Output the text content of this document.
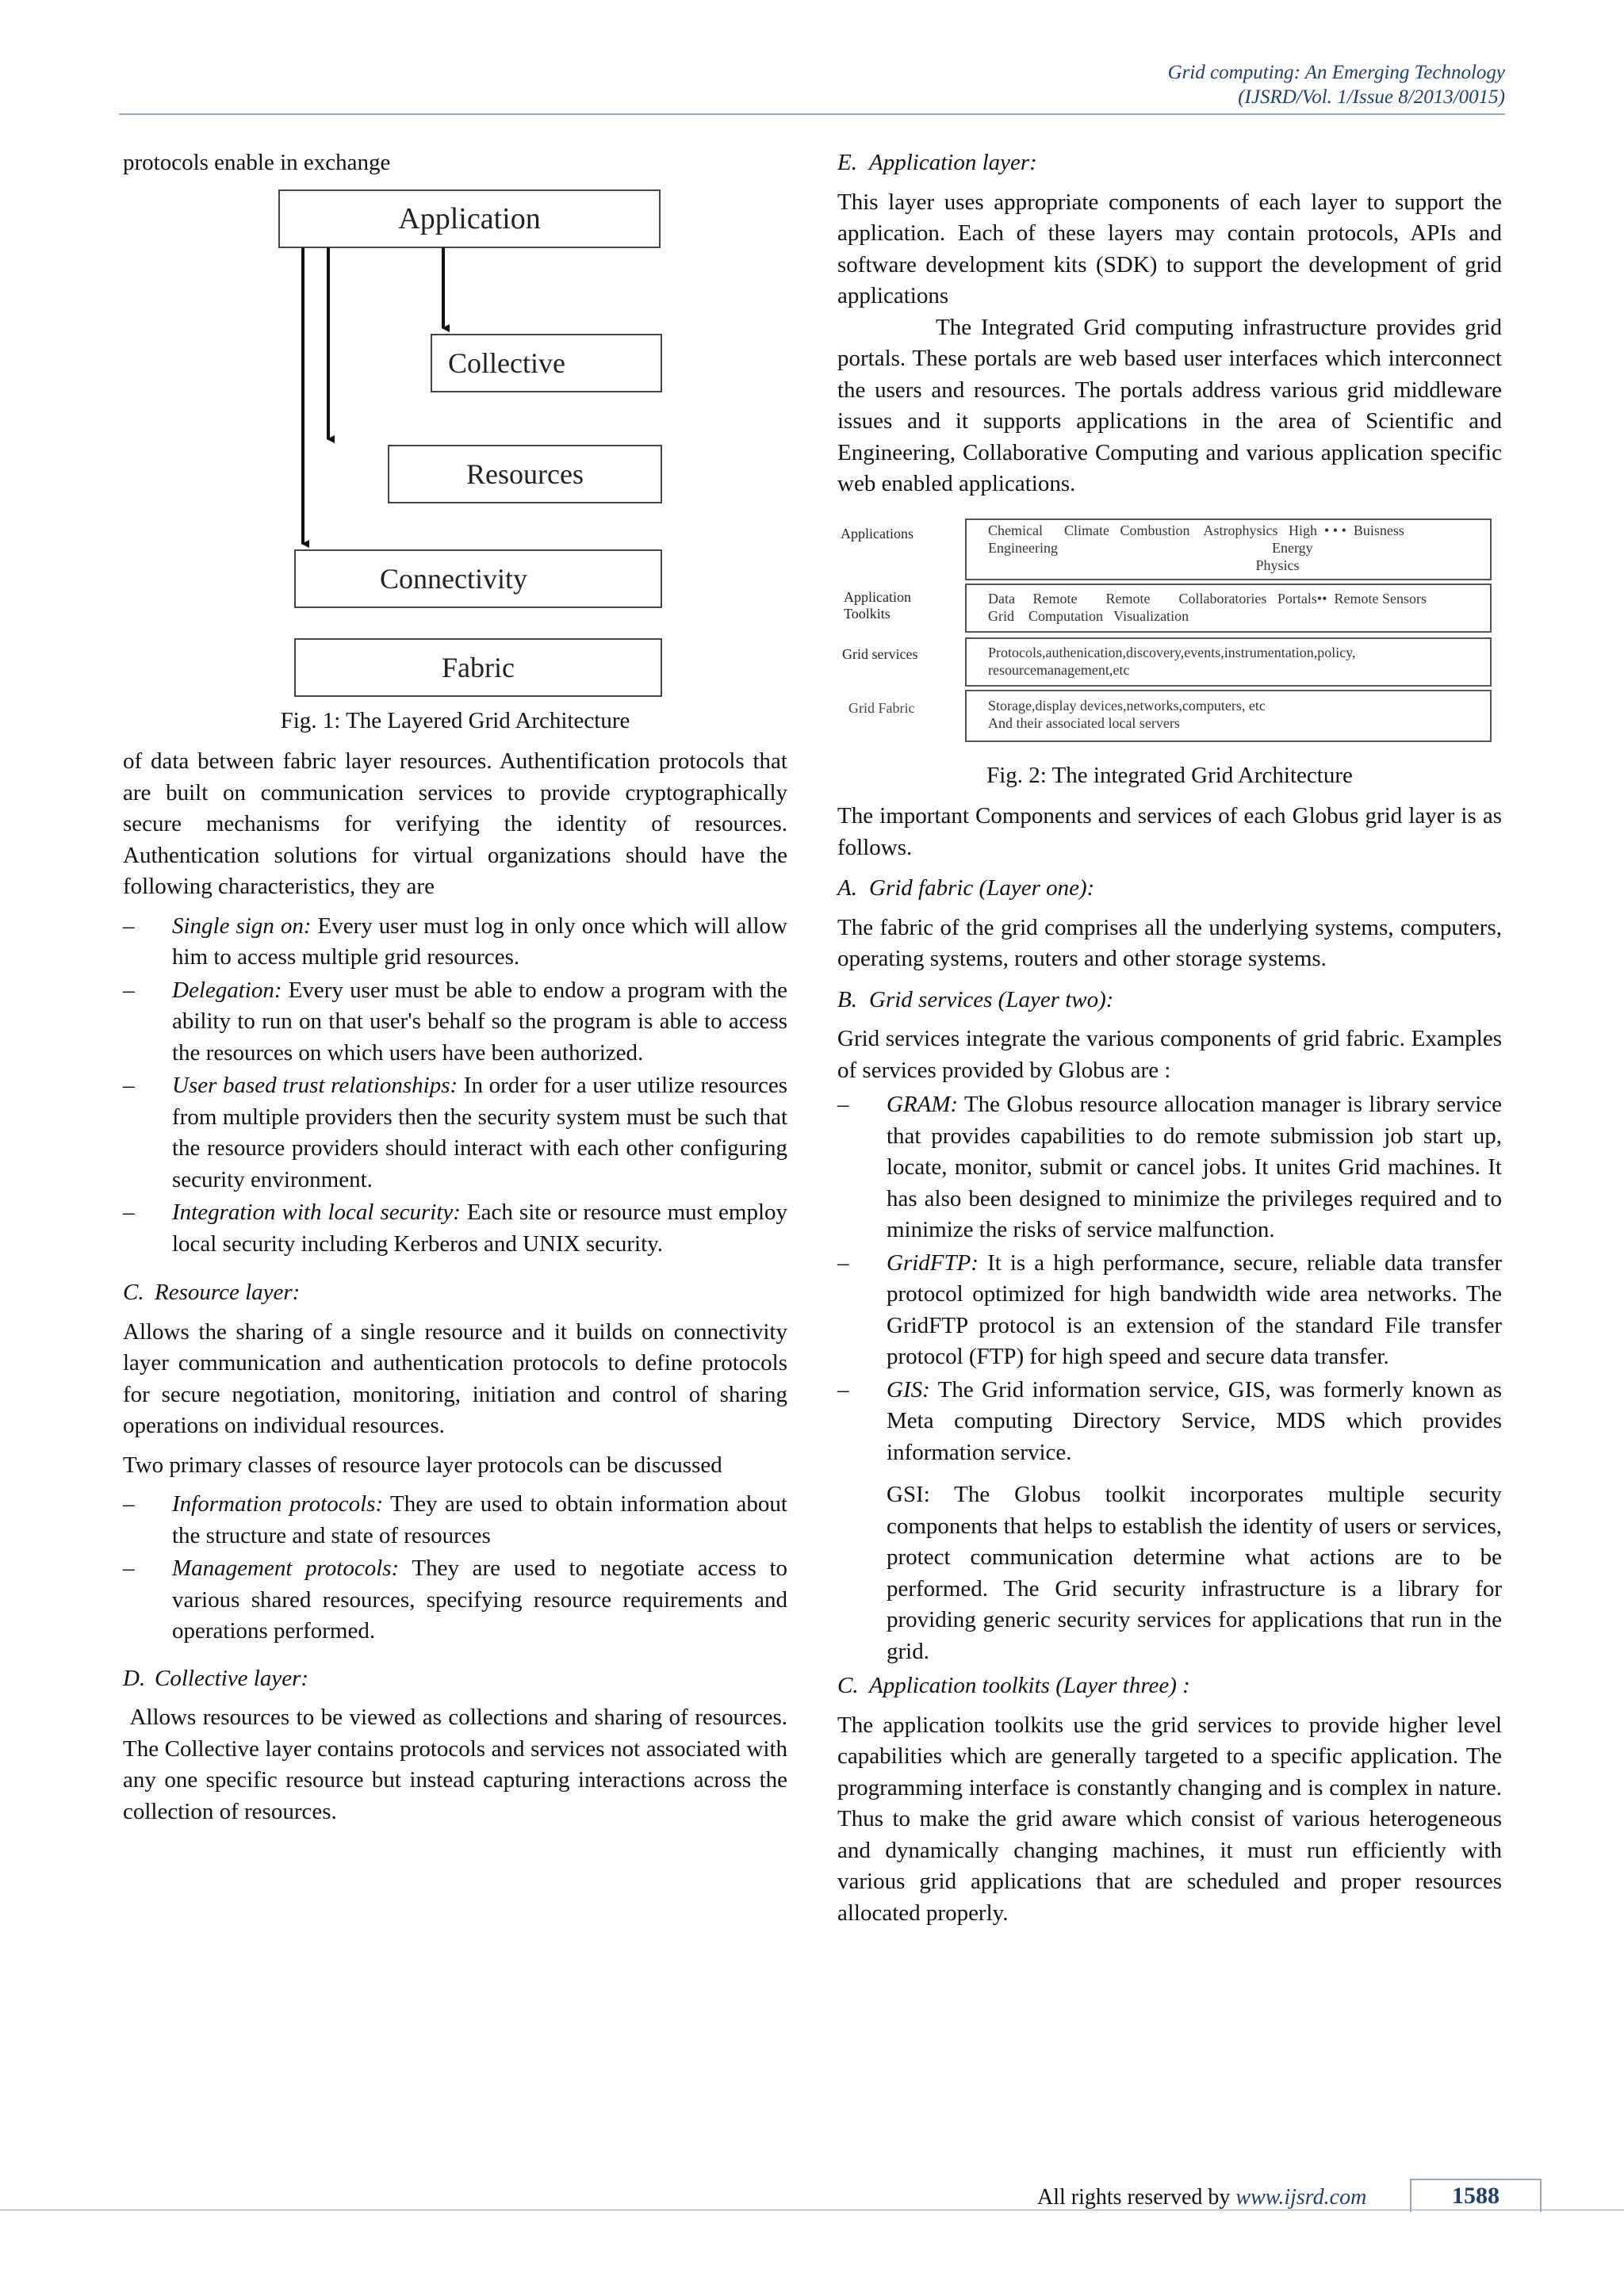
Grid computing: An Emerging Technology
(IJSRD/Vol. 1/Issue 8/2013/0015)

protocols enable in exchange

Application
Collective
Resources
Connectivity
Fabric
Fig. 1: The Layered Grid Architecture

of data between fabric layer resources. Authentification protocols that are built on communication services to provide cryptographically secure mechanisms for verifying the identity of resources. Authentication solutions for virtual organizations should have the following characteristics, they are

– Single sign on: Every user must log in only once which will allow him to access multiple grid resources.
– Delegation: Every user must be able to endow a program with the ability to run on that user's behalf so the program is able to access the resources on which users have been authorized.
– User based trust relationships: In order for a user utilize resources from multiple providers then the security system must be such that the resource providers should interact with each other configuring security environment.
– Integration with local security: Each site or resource must employ local security including Kerberos and UNIX security.
C. Resource layer:

Allows the sharing of a single resource and it builds on connectivity layer communication and authentication protocols to define protocols for secure negotiation, monitoring, initiation and control of sharing operations on individual resources.

Two primary classes of resource layer protocols can be discussed

– Information protocols: They are used to obtain information about the structure and state of resources
– Management protocols: They are used to negotiate access to various shared resources, specifying resource requirements and operations performed.
D. Collective layer:

Allows resources to be viewed as collections and sharing of resources. The Collective layer contains protocols and services not associated with any one specific resource but instead capturing interactions across the collection of resources.

E. Application layer:

This layer uses appropriate components of each layer to support the application. Each of these layers may contain protocols, APIs and software development kits (SDK) to support the development of grid applications

The Integrated Grid computing infrastructure provides grid portals. These portals are web based user interfaces which interconnect the users and resources. The portals address various grid middleware issues and it supports applications in the area of Scientific and Engineering, Collaborative Computing and various application specific web enabled applications.

Applications
Application
Toolkits
Grid services
Grid Fabric
Chemical      Climate   Combustion    Astrophysics   High  • • •  Buisness
Engineering                                                            Energy
Physics
Data     Remote        Remote        Collaboratories   Portals••  Remote Sensors
Grid    Computation   Visualization
Protocols,authenication,discovery,events,instrumentation,policy,
resourcemanagement,etc
Storage,display devices,networks,computers, etc
And their associated local servers
Fig. 2: The integrated Grid Architecture

The important Components and services of each Globus grid layer is as follows.

A. Grid fabric (Layer one):

The fabric of the grid comprises all the underlying systems, computers, operating systems, routers and other storage systems.

B. Grid services (Layer two):

Grid services integrate the various components of grid fabric. Examples of services provided by Globus are :

– GRAM: The Globus resource allocation manager is library service that provides capabilities to do remote submission job start up, locate, monitor, submit or cancel jobs. It unites Grid machines. It has also been designed to minimize the privileges required and to minimize the risks of service malfunction.
– GridFTP: It is a high performance, secure, reliable data transfer protocol optimized for high bandwidth wide area networks. The GridFTP protocol is an extension of the standard File transfer protocol (FTP) for high speed and secure data transfer.
– GIS: The Grid information service, GIS, was formerly known as Meta computing Directory Service, MDS which provides information service.

GSI: The Globus toolkit incorporates multiple security components that helps to establish the identity of users or services, protect communication determine what actions are to be performed. The Grid security infrastructure is a library for providing generic security services for applications that run in the grid.

C. Application toolkits (Layer three) :

The application toolkits use the grid services to provide higher level capabilities which are generally targeted to a specific application. The programming interface is constantly changing and is complex in nature. Thus to make the grid aware which consist of various heterogeneous and dynamically changing machines, it must run efficiently with various grid applications that are scheduled and proper resources allocated properly.

All rights reserved by www.ijsrd.com	1588
